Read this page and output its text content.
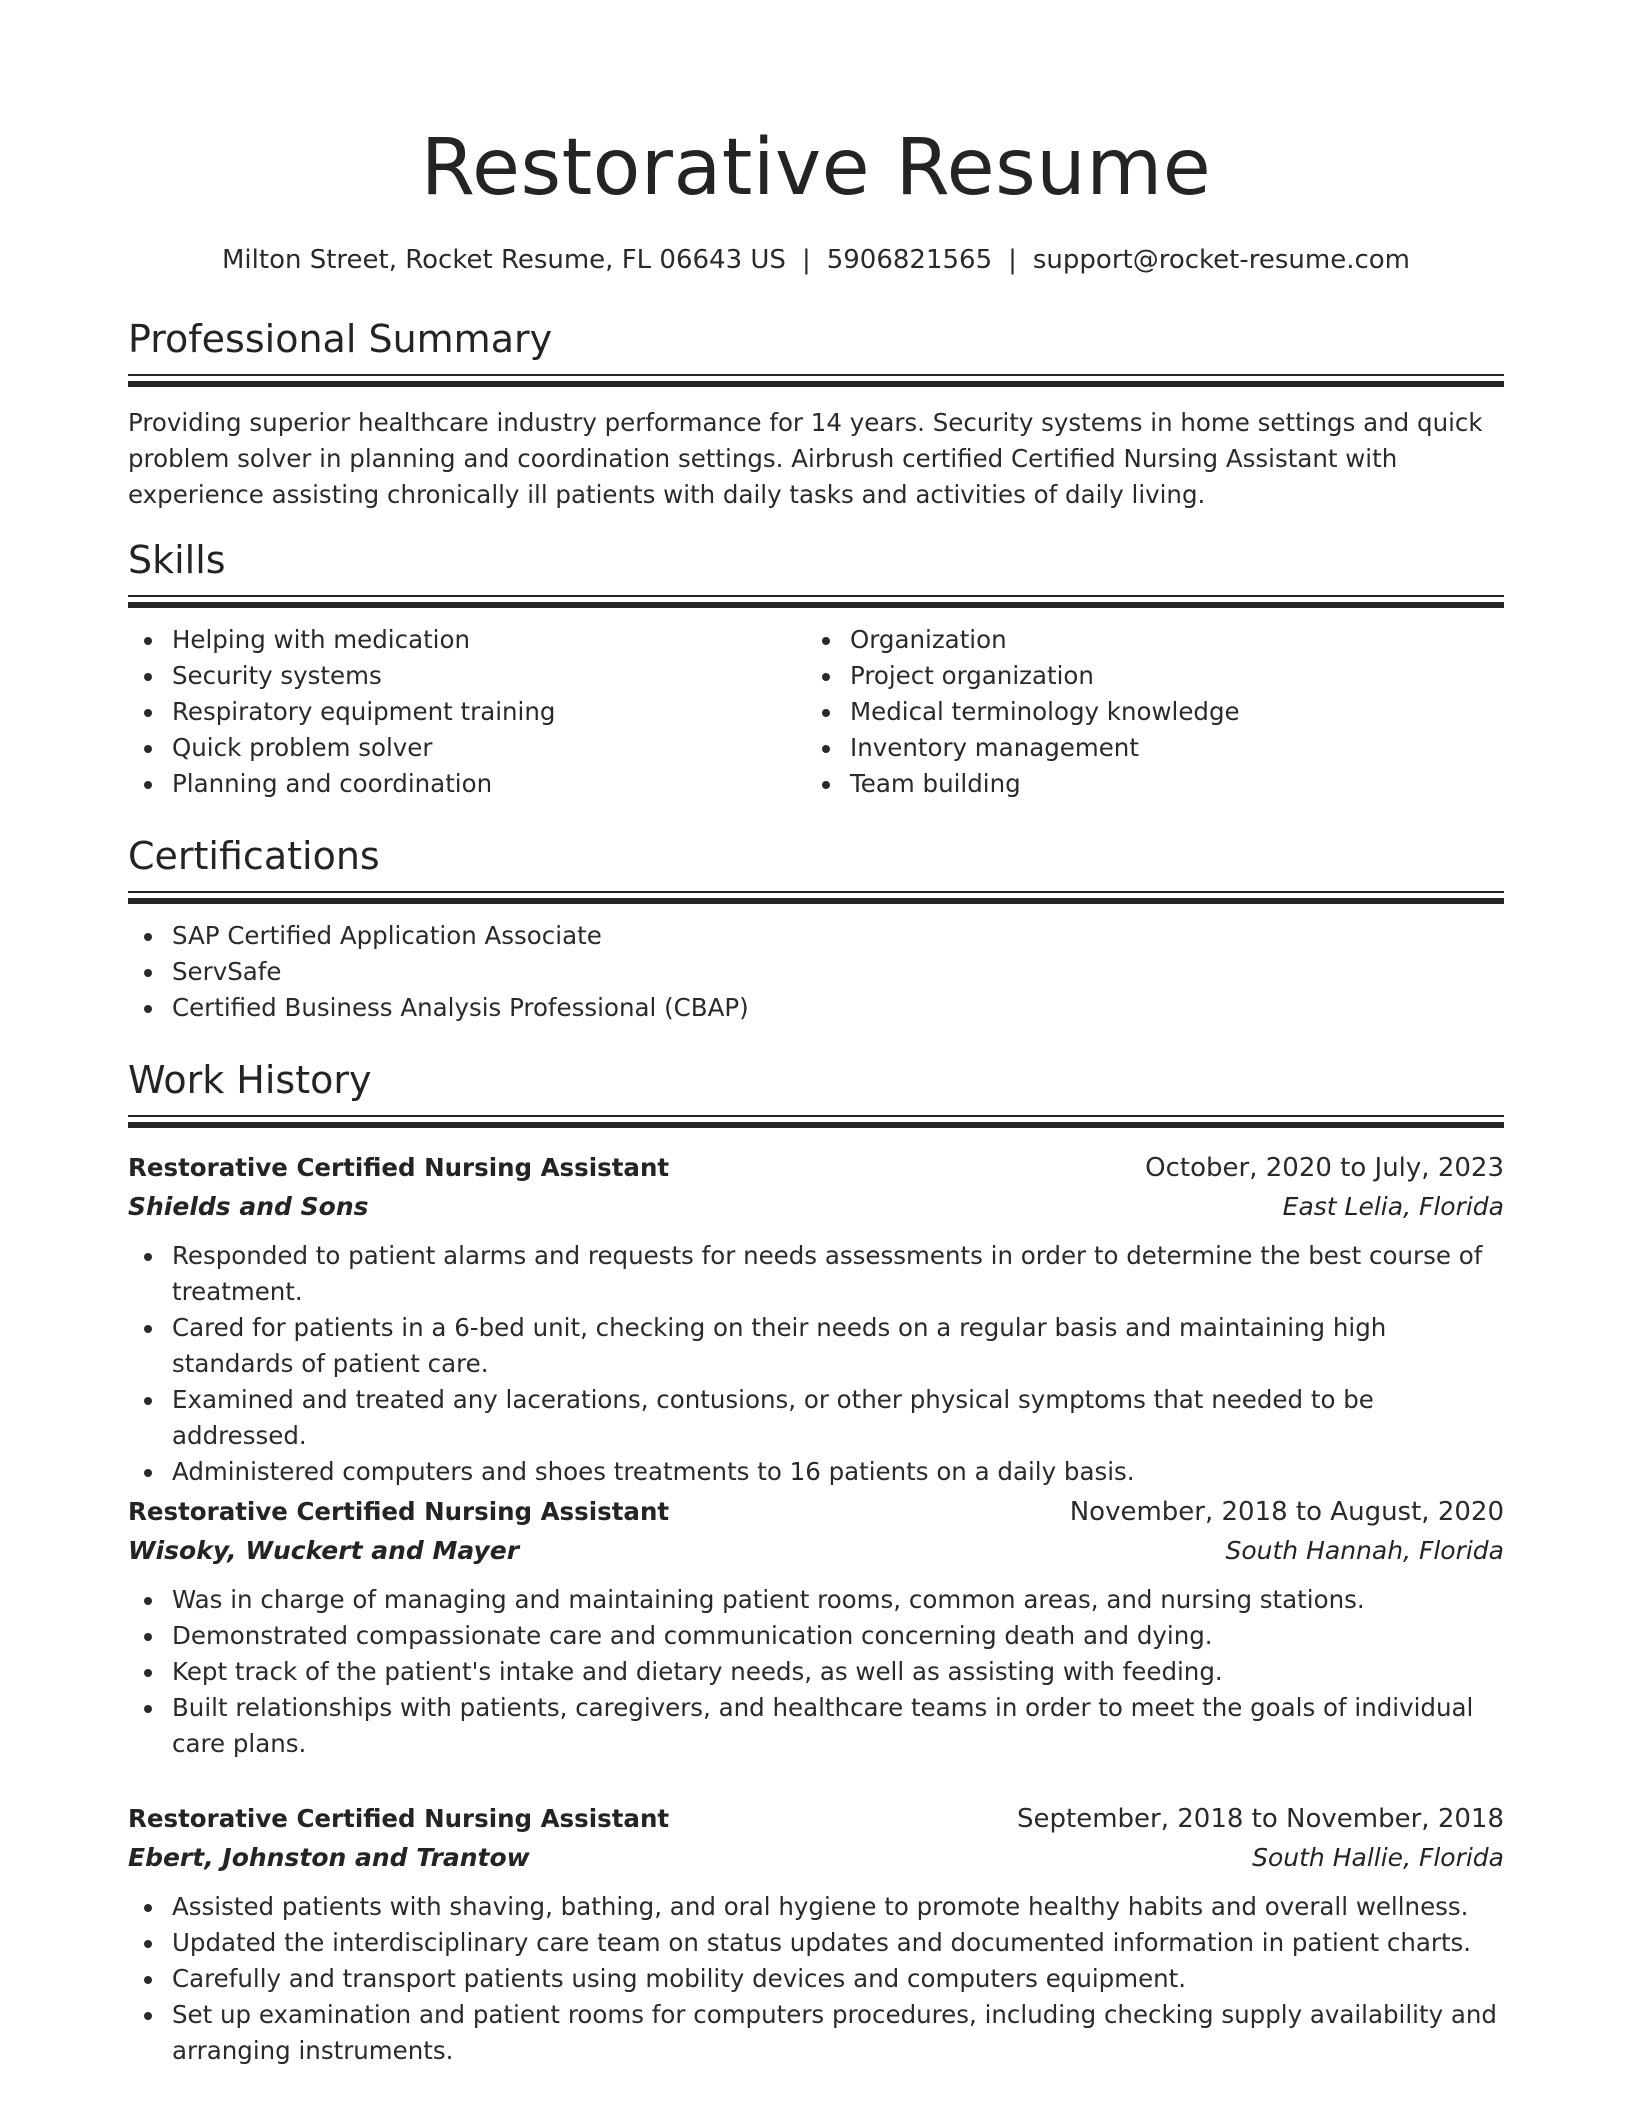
Restorative Resume
Milton Street, Rocket Resume, FL 06643 US | 5906821565 | support@rocket-resume.com
Professional Summary

Providing superior healthcare industry performance for 14 years. Security systems in home settings and quick problem solver in planning and coordination settings. Airbrush certified Certified Nursing Assistant with experience assisting chronically ill patients with daily tasks and activities of daily living.

Skills
Helping with medication
Security systems
Respiratory equipment training
Quick problem solver
Planning and coordination
Organization
Project organization
Medical terminology knowledge
Inventory management
Team building
Certifications
SAP Certified Application Associate
ServSafe
Certified Business Analysis Professional (CBAP)
Work History
Restorative Certified Nursing Assistant	October, 2020 to July, 2023
Shields and Sons	East Lelia, Florida
Responded to patient alarms and requests for needs assessments in order to determine the best course of treatment.
Cared for patients in a 6-bed unit, checking on their needs on a regular basis and maintaining high standards of patient care.
Examined and treated any lacerations, contusions, or other physical symptoms that needed to be addressed.
Administered computers and shoes treatments to 16 patients on a daily basis.
Restorative Certified Nursing Assistant	November, 2018 to August, 2020
Wisoky, Wuckert and Mayer	South Hannah, Florida
Was in charge of managing and maintaining patient rooms, common areas, and nursing stations.
Demonstrated compassionate care and communication concerning death and dying.
Kept track of the patient's intake and dietary needs, as well as assisting with feeding.
Built relationships with patients, caregivers, and healthcare teams in order to meet the goals of individual care plans.
Restorative Certified Nursing Assistant	September, 2018 to November, 2018
Ebert, Johnston and Trantow	South Hallie, Florida
Assisted patients with shaving, bathing, and oral hygiene to promote healthy habits and overall wellness.
Updated the interdisciplinary care team on status updates and documented information in patient charts.
Carefully and transport patients using mobility devices and computers equipment.
Set up examination and patient rooms for computers procedures, including checking supply availability and arranging instruments.
